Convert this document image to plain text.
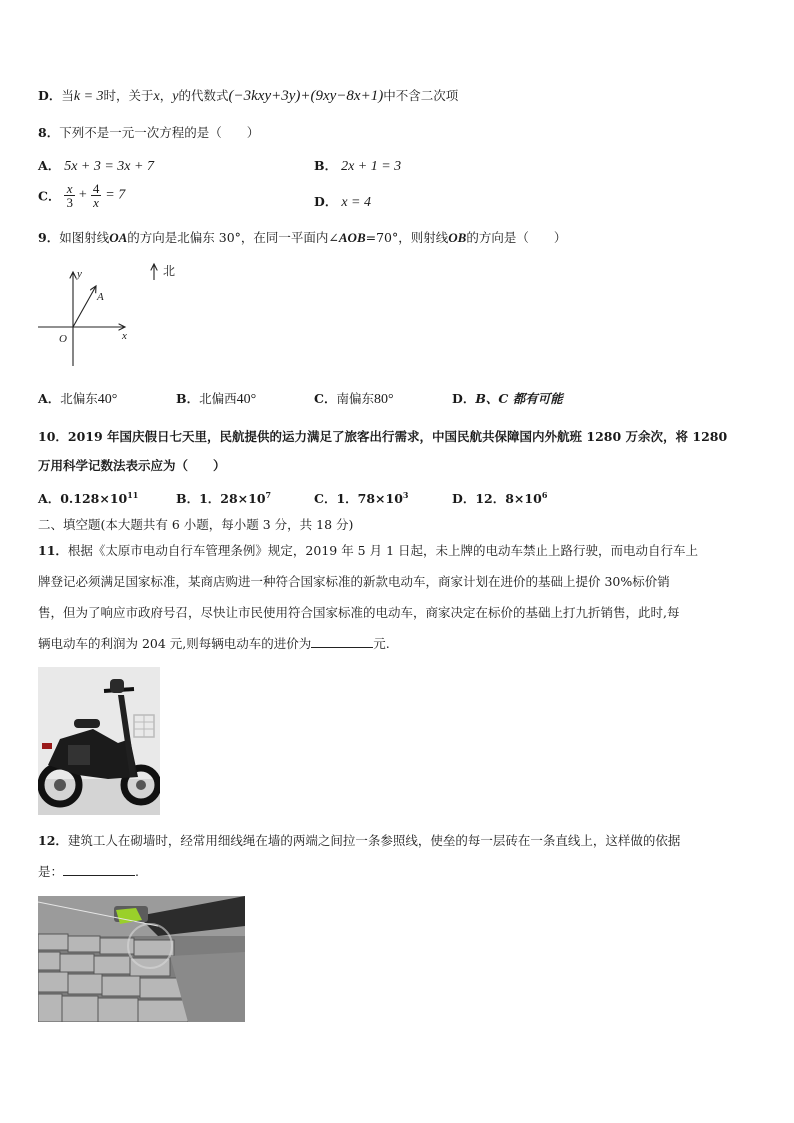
D．当k = 3时，关于x，y的代数式(−3kxy+3y)+(9xy−8x+1)中不含二次项
8．下列不是一元一次方程的是（　　）
A． 5x + 3 = 3x + 7	B． 2x + 1 = 3
C． $\frac{x}{3} + \frac{4}{x} = 7$	D． x = 4
9．如图射线OA的方向是北偏东 30°，在同一平面内∠AOB=70°，则射线OB的方向是（　　）
北
y
x
A
O
A．北偏东40°	B．北偏西40°	C．南偏东80°	D．B、C 都有可能
10．2019 年国庆假日七天里，民航提供的运力满足了旅客出行需求，中国民航共保障国内外航班 1280 万余次，将 1280
万用科学记数法表示应为（　　）
A．$0.128\times 10^{11}$	B．1．$28\times 10^7$	C．1．$78\times 10^3$	D．12．$8\times 10^6$
二、填空题(本大题共有 6 小题，每小题 3 分，共 18 分)
11．根据《太原市电动自行车管理条例》规定，2019 年 5 月 1 日起，未上牌的电动车禁止上路行驶，而电动自行车上
牌登记必须满足国家标准，某商店购进一种符合国家标准的新款电动车，商家计划在进价的基础上提价 30%标价销
售，但为了响应市政府号召，尽快让市民使用符合国家标准的电动车，商家决定在标价的基础上打九折销售，此时,每
辆电动车的利润为 204 元,则每辆电动车的进价为	元.
12．建筑工人在砌墙时，经常用细线绳在墙的两端之间拉一条参照线，使垒的每一层砖在一条直线上，这样做的依据
是：	.
